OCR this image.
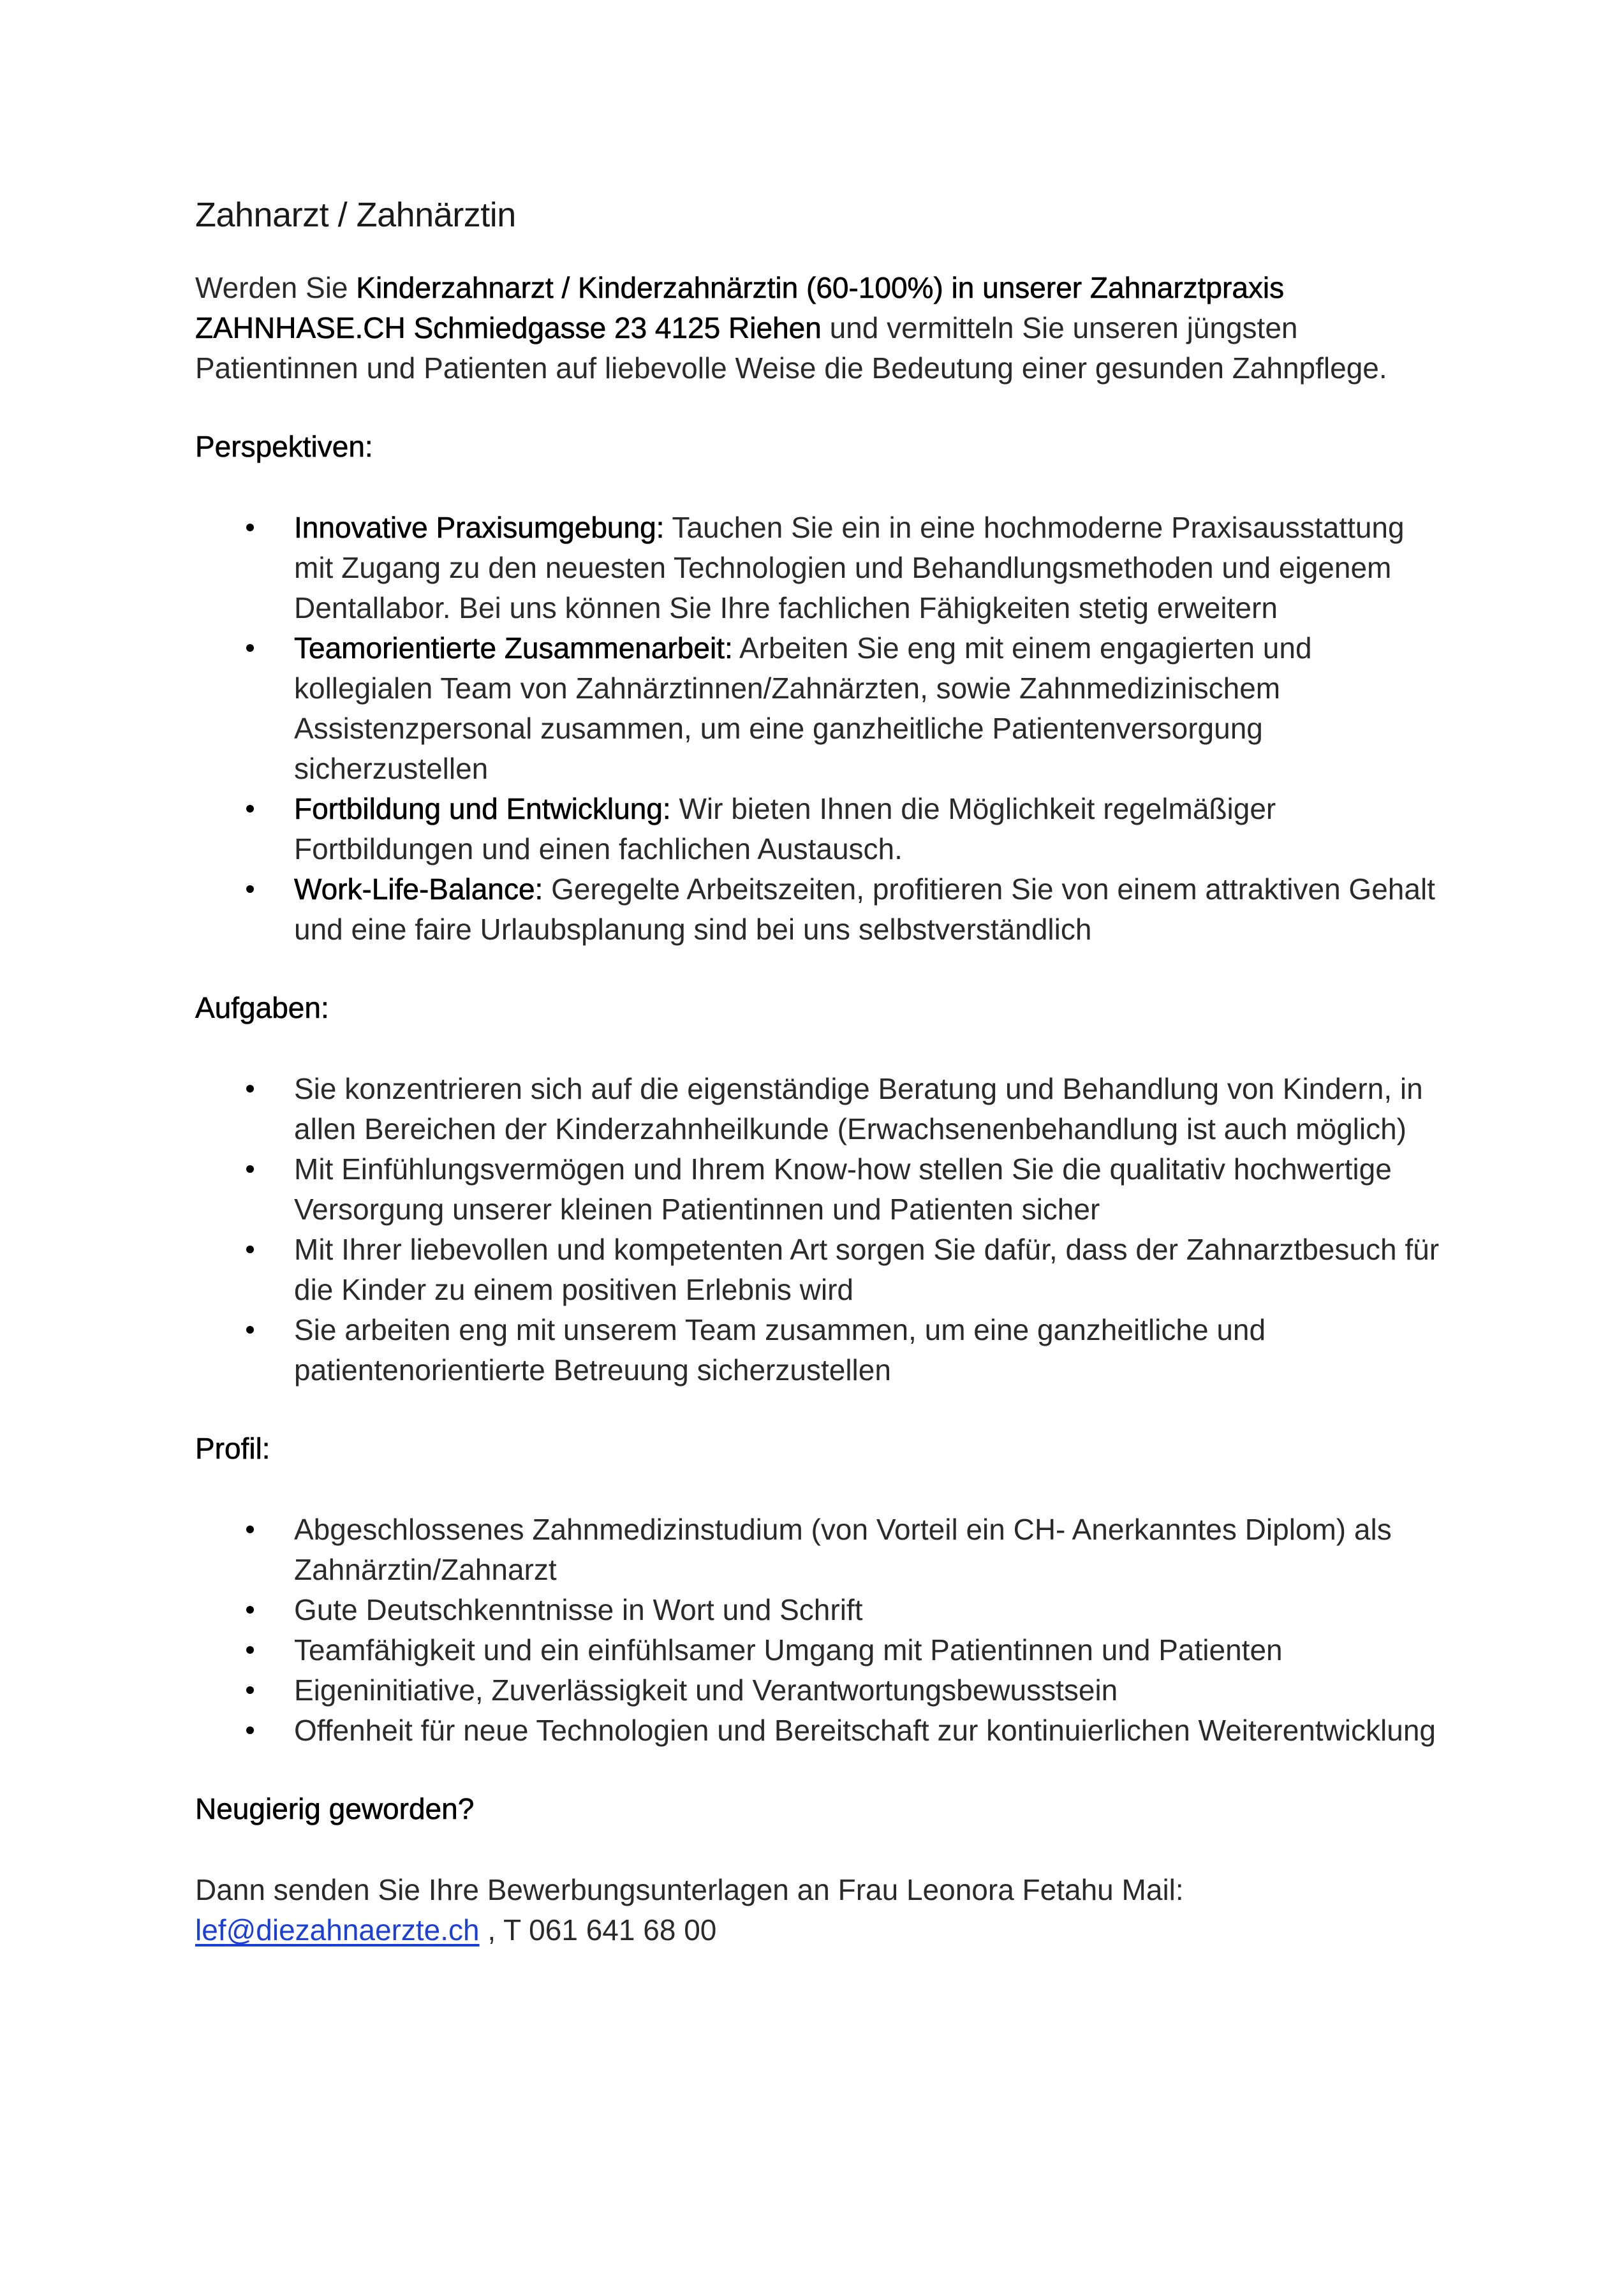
Zahnarzt / Zahnärztin

Werden Sie Kinderzahnarzt / Kinderzahnärztin (60-100%) in unserer Zahnarztpraxis ZAHNHASE.CH Schmiedgasse 23 4125 Riehen und vermitteln Sie unseren jüngsten Patientinnen und Patienten auf liebevolle Weise die Bedeutung einer gesunden Zahnpflege.

Perspektiven:
Innovative Praxisumgebung: Tauchen Sie ein in eine hochmoderne Praxisausstattung mit Zugang zu den neuesten Technologien und Behandlungsmethoden und eigenem Dentallabor. Bei uns können Sie Ihre fachlichen Fähigkeiten stetig erweitern
Teamorientierte Zusammenarbeit: Arbeiten Sie eng mit einem engagierten und kollegialen Team von Zahnärztinnen/Zahnärzten, sowie Zahnmedizinischem Assistenzpersonal zusammen, um eine ganzheitliche Patientenversorgung sicherzustellen
Fortbildung und Entwicklung: Wir bieten Ihnen die Möglichkeit regelmäßiger Fortbildungen und einen fachlichen Austausch.
Work-Life-Balance: Geregelte Arbeitszeiten, profitieren Sie von einem attraktiven Gehalt und eine faire Urlaubsplanung sind bei uns selbstverständlich
Aufgaben:
Sie konzentrieren sich auf die eigenständige Beratung und Behandlung von Kindern, in allen Bereichen der Kinderzahnheilkunde (Erwachsenenbehandlung ist auch möglich)
Mit Einfühlungsvermögen und Ihrem Know-how stellen Sie die qualitativ hochwertige Versorgung unserer kleinen Patientinnen und Patienten sicher
Mit Ihrer liebevollen und kompetenten Art sorgen Sie dafür, dass der Zahnarztbesuch für die Kinder zu einem positiven Erlebnis wird
Sie arbeiten eng mit unserem Team zusammen, um eine ganzheitliche und patientenorientierte Betreuung sicherzustellen
Profil:
Abgeschlossenes Zahnmedizinstudium (von Vorteil ein CH- Anerkanntes Diplom) als Zahnärztin/Zahnarzt
Gute Deutschkenntnisse in Wort und Schrift
Teamfähigkeit und ein einfühlsamer Umgang mit Patientinnen und Patienten
Eigeninitiative, Zuverlässigkeit und Verantwortungsbewusstsein
Offenheit für neue Technologien und Bereitschaft zur kontinuierlichen Weiterentwicklung
Neugierig geworden?

Dann senden Sie Ihre Bewerbungsunterlagen an Frau Leonora Fetahu Mail: lef@diezahnaerzte.ch , T 061 641 68 00
